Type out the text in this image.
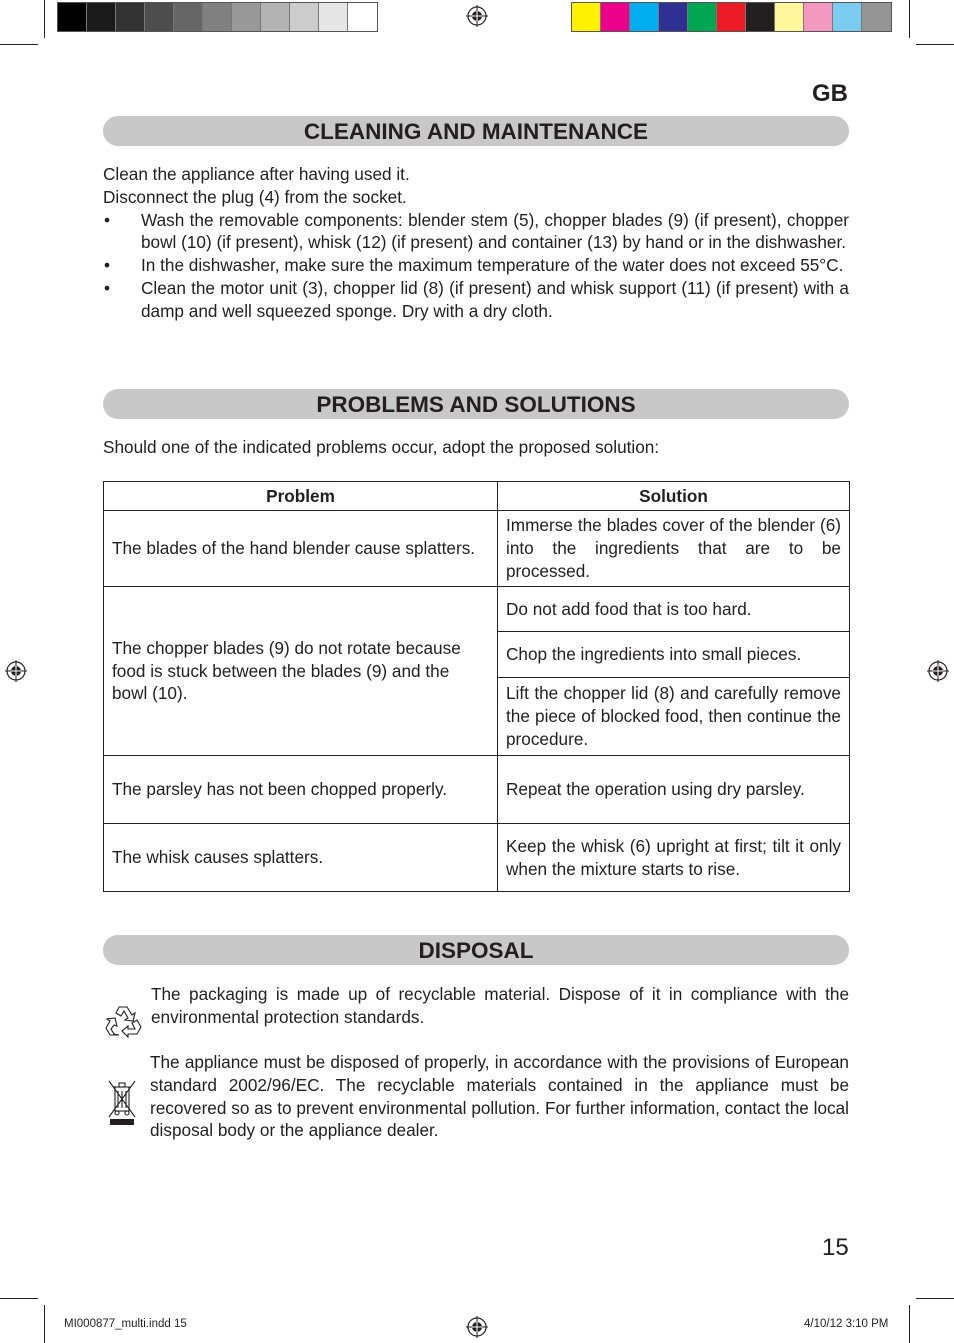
GB
CLEANING AND MAINTENANCE

Clean the appliance after having used it.

Disconnect the plug (4) from the socket.

• Wash the removable components: blender stem (5), chopper blades (9) (if present), chopper bowl (10) (if present), whisk (12) (if present) and container (13) by hand or in the dishwasher.

• In the dishwasher, make sure the maximum temperature of the water does not exceed 55°C.

• Clean the motor unit (3), chopper lid (8) (if present) and whisk support (11) (if present) with a damp and well squeezed sponge. Dry with a dry cloth.

PROBLEMS AND SOLUTIONS
Should one of the indicated problems occur, adopt the proposed solution:
Problem	Solution
The blades of the hand blender cause splatters.	Immerse the blades cover of the blender (6) into the ingredients that are to be processed.
The chopper blades (9) do not rotate because food is stuck between the blades (9) and the bowl (10).	Do not add food that is too hard.
	Chop the ingredients into small pieces.
	Lift the chopper lid (8) and carefully remove the piece of blocked food, then continue the procedure.
The parsley has not been chopped properly.	Repeat the operation using dry parsley.
The whisk causes splatters.	Keep the whisk (6) upright at first; tilt it only when the mixture starts to rise.
DISPOSAL
The packaging is made up of recyclable material. Dispose of it in compliance with the environmental protection standards.
The appliance must be disposed of properly, in accordance with the provisions of European standard 2002/96/EC. The recyclable materials contained in the appliance must be recovered so as to prevent environmental pollution. For further information, contact the local disposal body or the appliance dealer.
15
MI000877_multi.indd 15	4/10/12 3:10 PM
